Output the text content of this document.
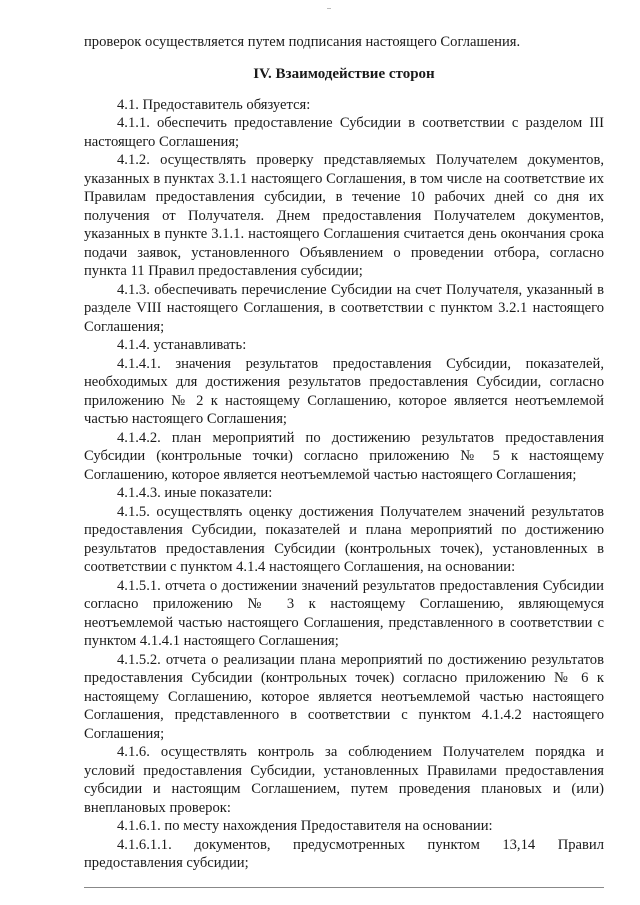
проверок осуществляется путем подписания настоящего Соглашения.

IV. Взаимодействие сторон

4.1. Предоставитель обязуется:

4.1.1. обеспечить предоставление Субсидии в соответствии с разделом III настоящего Соглашения;

4.1.2. осуществлять проверку представляемых Получателем документов, указанных в пунктах 3.1.1 настоящего Соглашения, в том числе на соответствие их Правилам предоставления субсидии, в течение 10 рабочих дней со дня их получения от Получателя. Днем предоставления Получателем документов, указанных в пункте 3.1.1. настоящего Соглашения считается день окончания срока подачи заявок, установленного Объявлением о проведении отбора, согласно пункта 11 Правил предоставления субсидии;

4.1.3. обеспечивать перечисление Субсидии на счет Получателя, указанный в разделе VIII настоящего Соглашения, в соответствии с пунктом 3.2.1 настоящего Соглашения;

4.1.4. устанавливать:

4.1.4.1. значения результатов предоставления Субсидии, показателей, необходимых для достижения результатов предоставления Субсидии, согласно приложению № 2 к настоящему Соглашению, которое является неотъемлемой частью настоящего Соглашения;

4.1.4.2. план мероприятий по достижению результатов предоставления Субсидии (контрольные точки) согласно приложению № 5 к настоящему Соглашению, которое является неотъемлемой частью настоящего Соглашения;

4.1.4.3. иные показатели:

4.1.5. осуществлять оценку достижения Получателем значений результатов предоставления Субсидии, показателей и плана мероприятий по достижению результатов предоставления Субсидии (контрольных точек), установленных в соответствии с пунктом 4.1.4 настоящего Соглашения, на основании:

4.1.5.1. отчета о достижении значений результатов предоставления Субсидии согласно приложению № 3 к настоящему Соглашению, являющемуся неотъемлемой частью настоящего Соглашения, представленного в соответствии с пунктом 4.1.4.1 настоящего Соглашения;

4.1.5.2. отчета о реализации плана мероприятий по достижению результатов предоставления Субсидии (контрольных точек) согласно приложению № 6 к настоящему Соглашению, которое является неотъемлемой частью настоящего Соглашения, представленного в соответствии с пунктом 4.1.4.2 настоящего Соглашения;

4.1.6. осуществлять контроль за соблюдением Получателем порядка и условий предоставления Субсидии, установленных Правилами предоставления субсидии и настоящим Соглашением, путем проведения плановых и (или) внеплановых проверок:

4.1.6.1. по месту нахождения Предоставителя на основании:

4.1.6.1.1. документов, предусмотренных пунктом 13,14 Правил предоставления субсидии;
